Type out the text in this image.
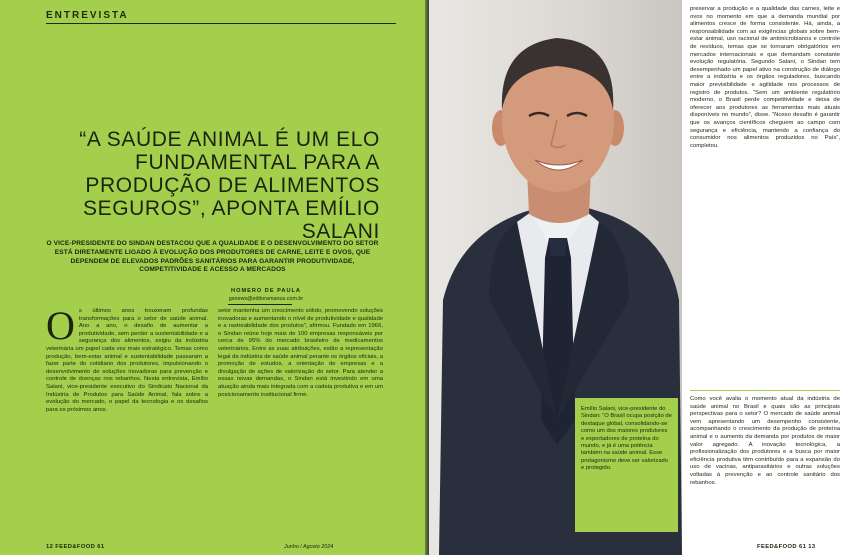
ENTREVISTA
“A SAÚDE ANIMAL É UM ELO FUNDAMENTAL PARA A PRODUÇÃO DE ALIMENTOS SEGUROS”, APONTA EMÍLIO SALANI
O VICE-PRESIDENTE DO SINDAN DESTACOU QUE A QUALIDADE E O DESENVOLVIMENTO DO SETOR ESTÁ DIRETAMENTE LIGADO À EVOLUÇÃO DOS PRODUTORES DE CARNE, LEITE E OVOS, QUE DEPENDEM DE ELEVADOS PADRÕES SANITÁRIOS PARA GARANTIR PRODUTIVIDADE, COMPETITIVIDADE E ACESSO A MERCADOS
HOMERO DE PAULA
gsnews@editoramanus.com.br
O s últimos anos trouxeram profundas transformações para o setor de saúde animal. Ano a ano, o desafio de aumentar a produtividade, sem perder a sustentabilidade e a segurança dos alimentos, exigiu da indústria veterinária um papel cada vez mais estratégico. Temas como produção, bem-estar animal e sustentabilidade passaram a fazer parte do cotidiano dos produtores, impulsionando o desenvolvimento de soluções inovadoras para prevenção e controle de doenças nos rebanhos. Nesta entrevista, Emílio Salani, vice-presidente executivo do Sindicato Nacional da Indústria de Produtos para Saúde Animal, fala sobre a evolução do mercado, o papel da tecnologia e os desafios para os próximos anos.

setor mantenha um crescimento sólido, promovendo soluções inovadoras e aumentando o nível de produtividade e qualidade e a rastreabilidade dos produtos”, afirmou. Fundado em 1966, o Sindan reúne hoje mais de 100 empresas responsáveis por cerca de 95% do mercado brasileiro de medicamentos veterinários. Entre as suas atribuições, estão a representação legal da indústria de saúde animal perante os órgãos oficiais, a promoção de estudos, a orientação de empresas e a divulgação de ações de valorização do setor. Para atender a essas novas demandas, o Sindan está investindo em uma atuação ainda mais integrada com a cadeia produtiva e em um posicionamento institucional firme.

Emílio Salani, vice-presidente do Sindan: “O Brasil ocupa posição de destaque global, consolidando-se como um dos maiores produtores e exportadores de proteína do mundo, e já é uma potência também na saúde animal. Esse protagonismo deve ser valorizado e protegido.
preservar a produção e a qualidade das carnes, leite e ovos no momento em que a demanda mundial por alimentos cresce de forma consistente. Há, ainda, a responsabilidade com as exigências globais sobre bem-estar animal, uso racional de antimicrobianos e controle de resíduos, temas que se tornaram obrigatórios em mercados internacionais e que demandam constante evolução regulatória. Segundo Salani, o Sindan tem desempenhado um papel ativo na construção de diálogo entre a indústria e os órgãos reguladores, buscando maior previsibilidade e agilidade nos processos de registro de produtos. “Sem um ambiente regulatório moderno, o Brasil perde competitividade e deixa de oferecer aos produtores as ferramentas mais atuais disponíveis no mundo”, disse. “Nosso desafio é garantir que os avanços científicos cheguem ao campo com segurança e eficiência, mantendo a confiança do consumidor nos alimentos produzidos no País”, completou.
Como você avalia o momento atual da indústria de saúde animal no Brasil e quais são as principais perspectivas para o setor? O mercado de saúde animal vem apresentando um desempenho consistente, acompanhando o crescimento da produção de proteína animal e o aumento da demanda por produtos de maior valor agregado. A inovação tecnológica, a profissionalização dos produtores e a busca por maior eficiência produtiva têm contribuído para a expansão do uso de vacinas, antiparasitários e outras soluções voltadas à prevenção e ao controle sanitário dos rebanhos.
12 FEED&FOOD 61	Junho / Agosto 2024	FEED&FOOD 61 13
